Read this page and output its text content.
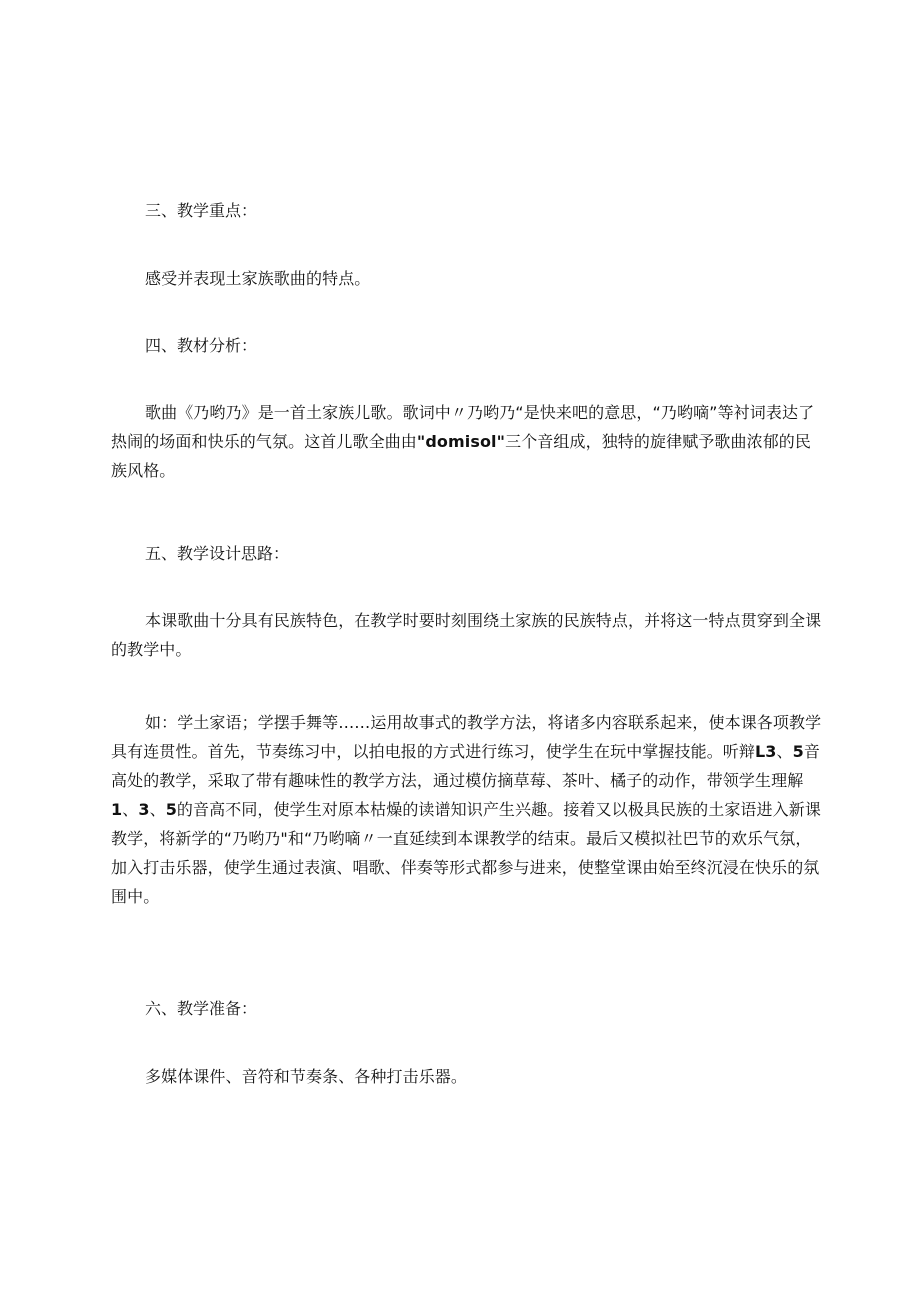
三、教学重点：

感受并表现土家族歌曲的特点。

四、教材分析：

歌曲《乃哟乃》是一首土家族儿歌。歌词中〃乃哟乃“是快来吧的意思，“乃哟嘀”等衬词表达了热闹的场面和快乐的气氛。这首儿歌全曲由"domisol"三个音组成，独特的旋律赋予歌曲浓郁的民族风格。

五、教学设计思路：

本课歌曲十分具有民族特色，在教学时要时刻围绕土家族的民族特点，并将这一特点贯穿到全课的教学中。

如：学土家语；学摆手舞等……运用故事式的教学方法，将诸多内容联系起来，使本课各项教学具有连贯性。首先，节奏练习中，以拍电报的方式进行练习，使学生在玩中掌握技能。听辩L3、5音高处的教学，采取了带有趣味性的教学方法，通过模仿摘草莓、茶叶、橘子的动作，带领学生理解1、3、5的音高不同，使学生对原本枯燥的读谱知识产生兴趣。接着又以极具民族的土家语进入新课教学，将新学的“乃哟乃"和“乃哟嘀〃一直延续到本课教学的结束。最后又模拟社巴节的欢乐气氛，加入打击乐器，使学生通过表演、唱歌、伴奏等形式都参与进来，使整堂课由始至终沉浸在快乐的氛围中。

六、教学准备：

多媒体课件、音符和节奏条、各种打击乐器。
